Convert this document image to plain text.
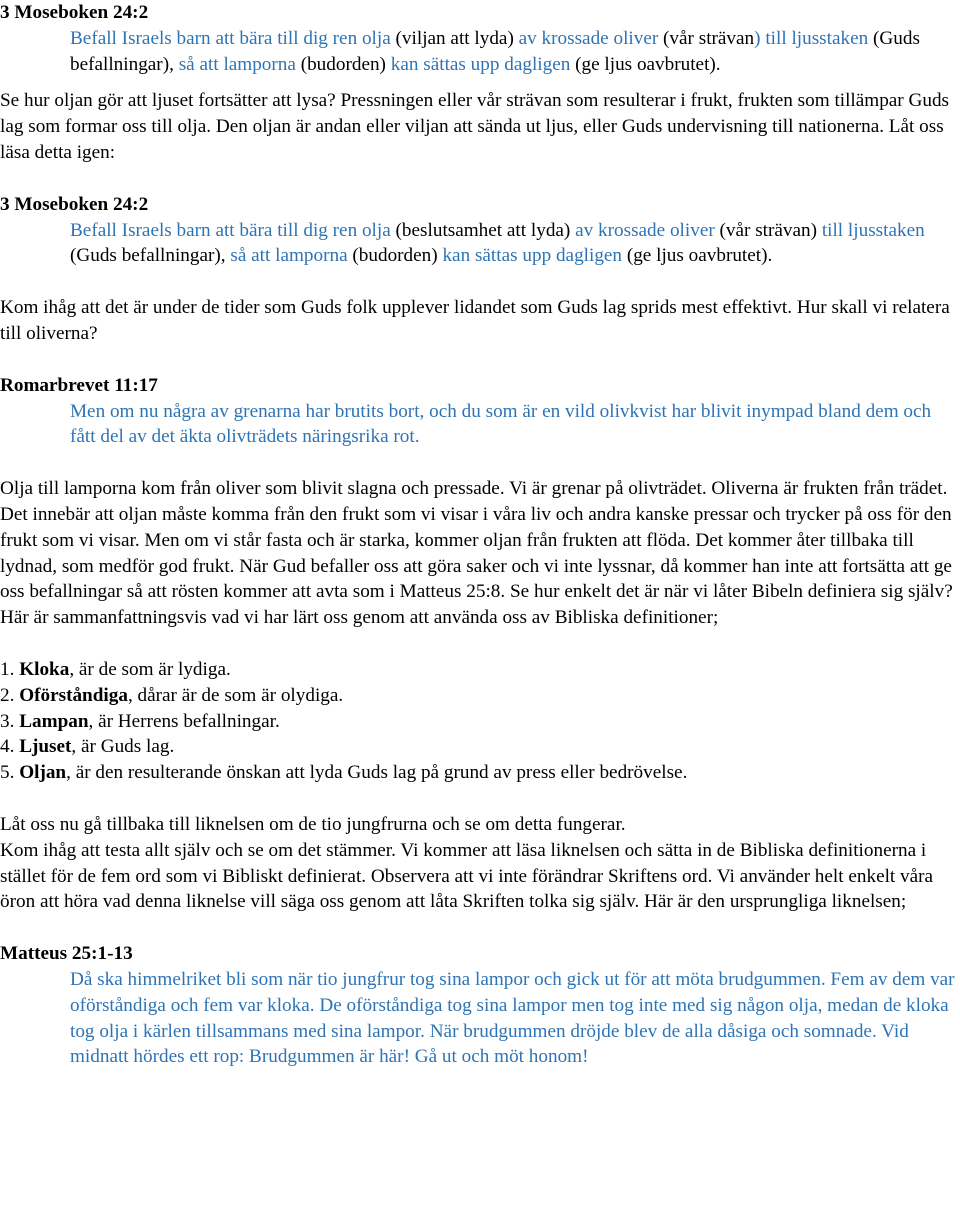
3 Moseboken 24:2

Befall Israels barn att bära till dig ren olja (viljan att lyda) av krossade oliver (vår strävan) till ljusstaken (Guds befallningar), så att lamporna (budorden) kan sättas upp dagligen (ge ljus oavbrutet).

Se hur oljan gör att ljuset fortsätter att lysa? Pressningen eller vår strävan som resulterar i frukt, frukten som tillämpar Guds lag som formar oss till olja. Den oljan är andan eller viljan att sända ut ljus, eller Guds undervisning till nationerna. Låt oss läsa detta igen:

3 Moseboken 24:2

Befall Israels barn att bära till dig ren olja (beslutsamhet att lyda) av krossade oliver (vår strävan) till ljusstaken (Guds befallningar), så att lamporna (budorden) kan sättas upp dagligen (ge ljus oavbrutet).

Kom ihåg att det är under de tider som Guds folk upplever lidandet som Guds lag sprids mest effektivt. Hur skall vi relatera till oliverna?

Romarbrevet 11:17

Men om nu några av grenarna har brutits bort, och du som är en vild olivkvist har blivit inympad bland dem och fått del av det äkta olivträdets näringsrika rot.

Olja till lamporna kom från oliver som blivit slagna och pressade. Vi är grenar på olivträdet. Oliverna är frukten från trädet. Det innebär att oljan måste komma från den frukt som vi visar i våra liv och andra kanske pressar och trycker på oss för den frukt som vi visar. Men om vi står fasta och är starka, kommer oljan från frukten att flöda. Det kommer åter tillbaka till lydnad, som medför god frukt. När Gud befaller oss att göra saker och vi inte lyssnar, då kommer han inte att fortsätta att ge oss befallningar så att rösten kommer att avta som i Matteus 25:8. Se hur enkelt det är när vi låter Bibeln definiera sig själv?

Här är sammanfattningsvis vad vi har lärt oss genom att använda oss av Bibliska definitioner;

1. Kloka, är de som är lydiga.

2. Oförståndiga, dårar är de som är olydiga.

3. Lampan, är Herrens befallningar.

4. Ljuset, är Guds lag.

5. Oljan, är den resulterande önskan att lyda Guds lag på grund av press eller bedrövelse.

Låt oss nu gå tillbaka till liknelsen om de tio jungfrurna och se om detta fungerar.

Kom ihåg att testa allt själv och se om det stämmer. Vi kommer att läsa liknelsen och sätta in de Bibliska definitionerna i stället för de fem ord som vi Bibliskt definierat. Observera att vi inte förändrar Skriftens ord. Vi använder helt enkelt våra öron att höra vad denna liknelse vill säga oss genom att låta Skriften tolka sig själv. Här är den ursprungliga liknelsen;

Matteus 25:1-13

Då ska himmelriket bli som när tio jungfrur tog sina lampor och gick ut för att möta brudgummen. Fem av dem var oförståndiga och fem var kloka. De oförståndiga tog sina lampor men tog inte med sig någon olja, medan de kloka tog olja i kärlen tillsammans med sina lampor. När brudgummen dröjde blev de alla dåsiga och somnade. Vid midnatt hördes ett rop: Brudgummen är här! Gå ut och möt honom!
